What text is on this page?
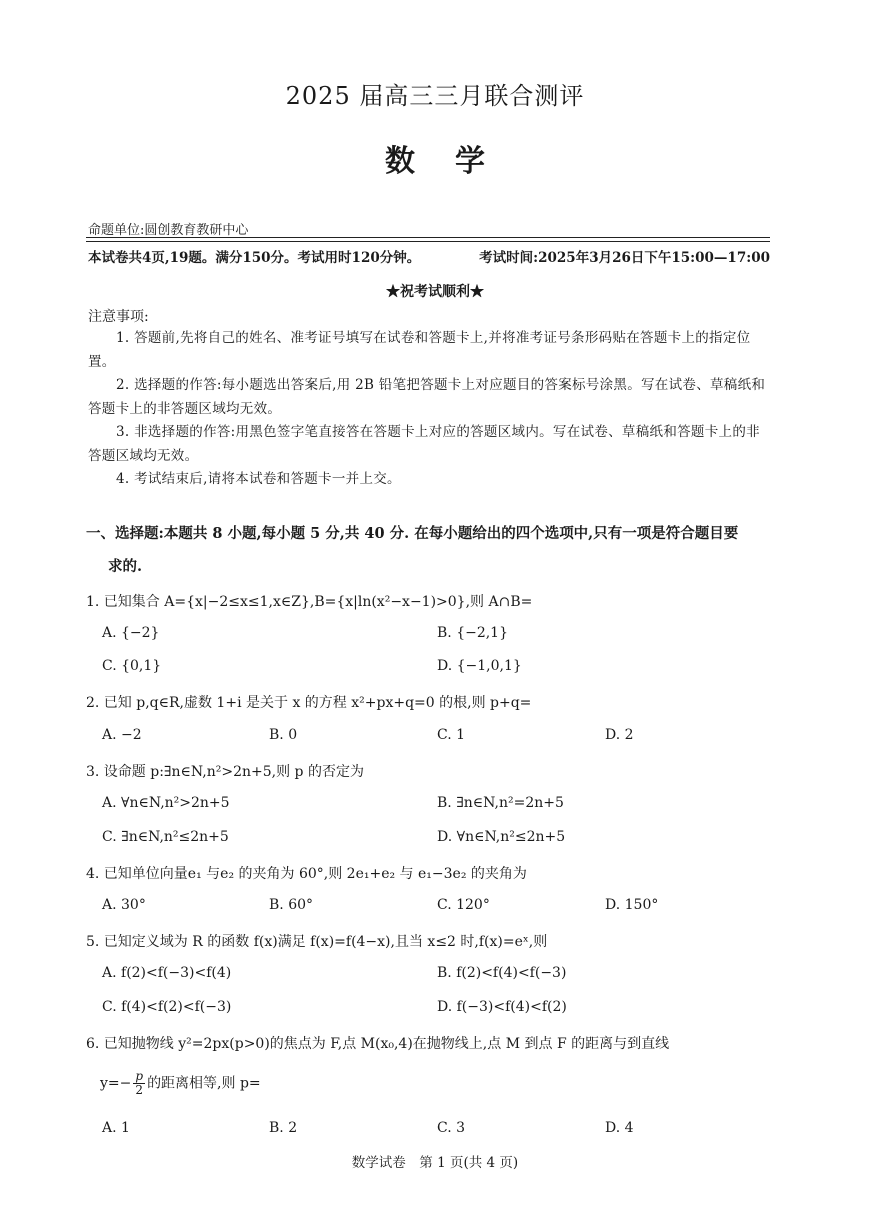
2025 届高三三月联合测评
数学
命题单位:圆创教育教研中心
本试卷共4页,19题。满分150分。考试用时120分钟。	考试时间:2025年3月26日下午15:00—17:00
★祝考试顺利★
注意事项:
1. 答题前,先将自己的姓名、准考证号填写在试卷和答题卡上,并将准考证号条形码贴在答题卡上的指定位置。
2. 选择题的作答:每小题选出答案后,用 2B 铅笔把答题卡上对应题目的答案标号涂黑。写在试卷、草稿纸和答题卡上的非答题区域均无效。
3. 非选择题的作答:用黑色签字笔直接答在答题卡上对应的答题区域内。写在试卷、草稿纸和答题卡上的非答题区域均无效。
4. 考试结束后,请将本试卷和答题卡一并上交。
一、选择题:本题共 8 小题,每小题 5 分,共 40 分. 在每小题给出的四个选项中,只有一项是符合题目要
求的.
1. 已知集合 A={x|−2≤x≤1,x∈Z},B={x|ln(x²−x−1)>0},则 A∩B=
A. {−2}	B. {−2,1}
C. {0,1}	D. {−1,0,1}
2. 已知 p,q∈R,虚数 1+i 是关于 x 的方程 x²+px+q=0 的根,则 p+q=
A. −2	B. 0	C. 1	D. 2
3. 设命题 p:∃n∈N,n²>2n+5,则 p 的否定为
A. ∀n∈N,n²>2n+5	B. ∃n∈N,n²=2n+5
C. ∃n∈N,n²≤2n+5	D. ∀n∈N,n²≤2n+5
4. 已知单位向量e₁ 与e₂ 的夹角为 60°,则 2e₁+e₂ 与 e₁−3e₂ 的夹角为
A. 30°	B. 60°	C. 120°	D. 150°
5. 已知定义域为 R 的函数 f(x)满足 f(x)=f(4−x),且当 x≤2 时,f(x)=eˣ,则
A. f(2)<f(−3)<f(4)	B. f(2)<f(4)<f(−3)
C. f(4)<f(2)<f(−3)	D. f(−3)<f(4)<f(2)
6. 已知抛物线 y²=2px(p>0)的焦点为 F,点 M(x₀,4)在抛物线上,点 M 到点 F 的距离与到直线
$y=- \frac{p}{2}$ 的距离相等,则 p=
A. 1	B. 2	C. 3	D. 4
数学试卷　第 1 页(共 4 页)
